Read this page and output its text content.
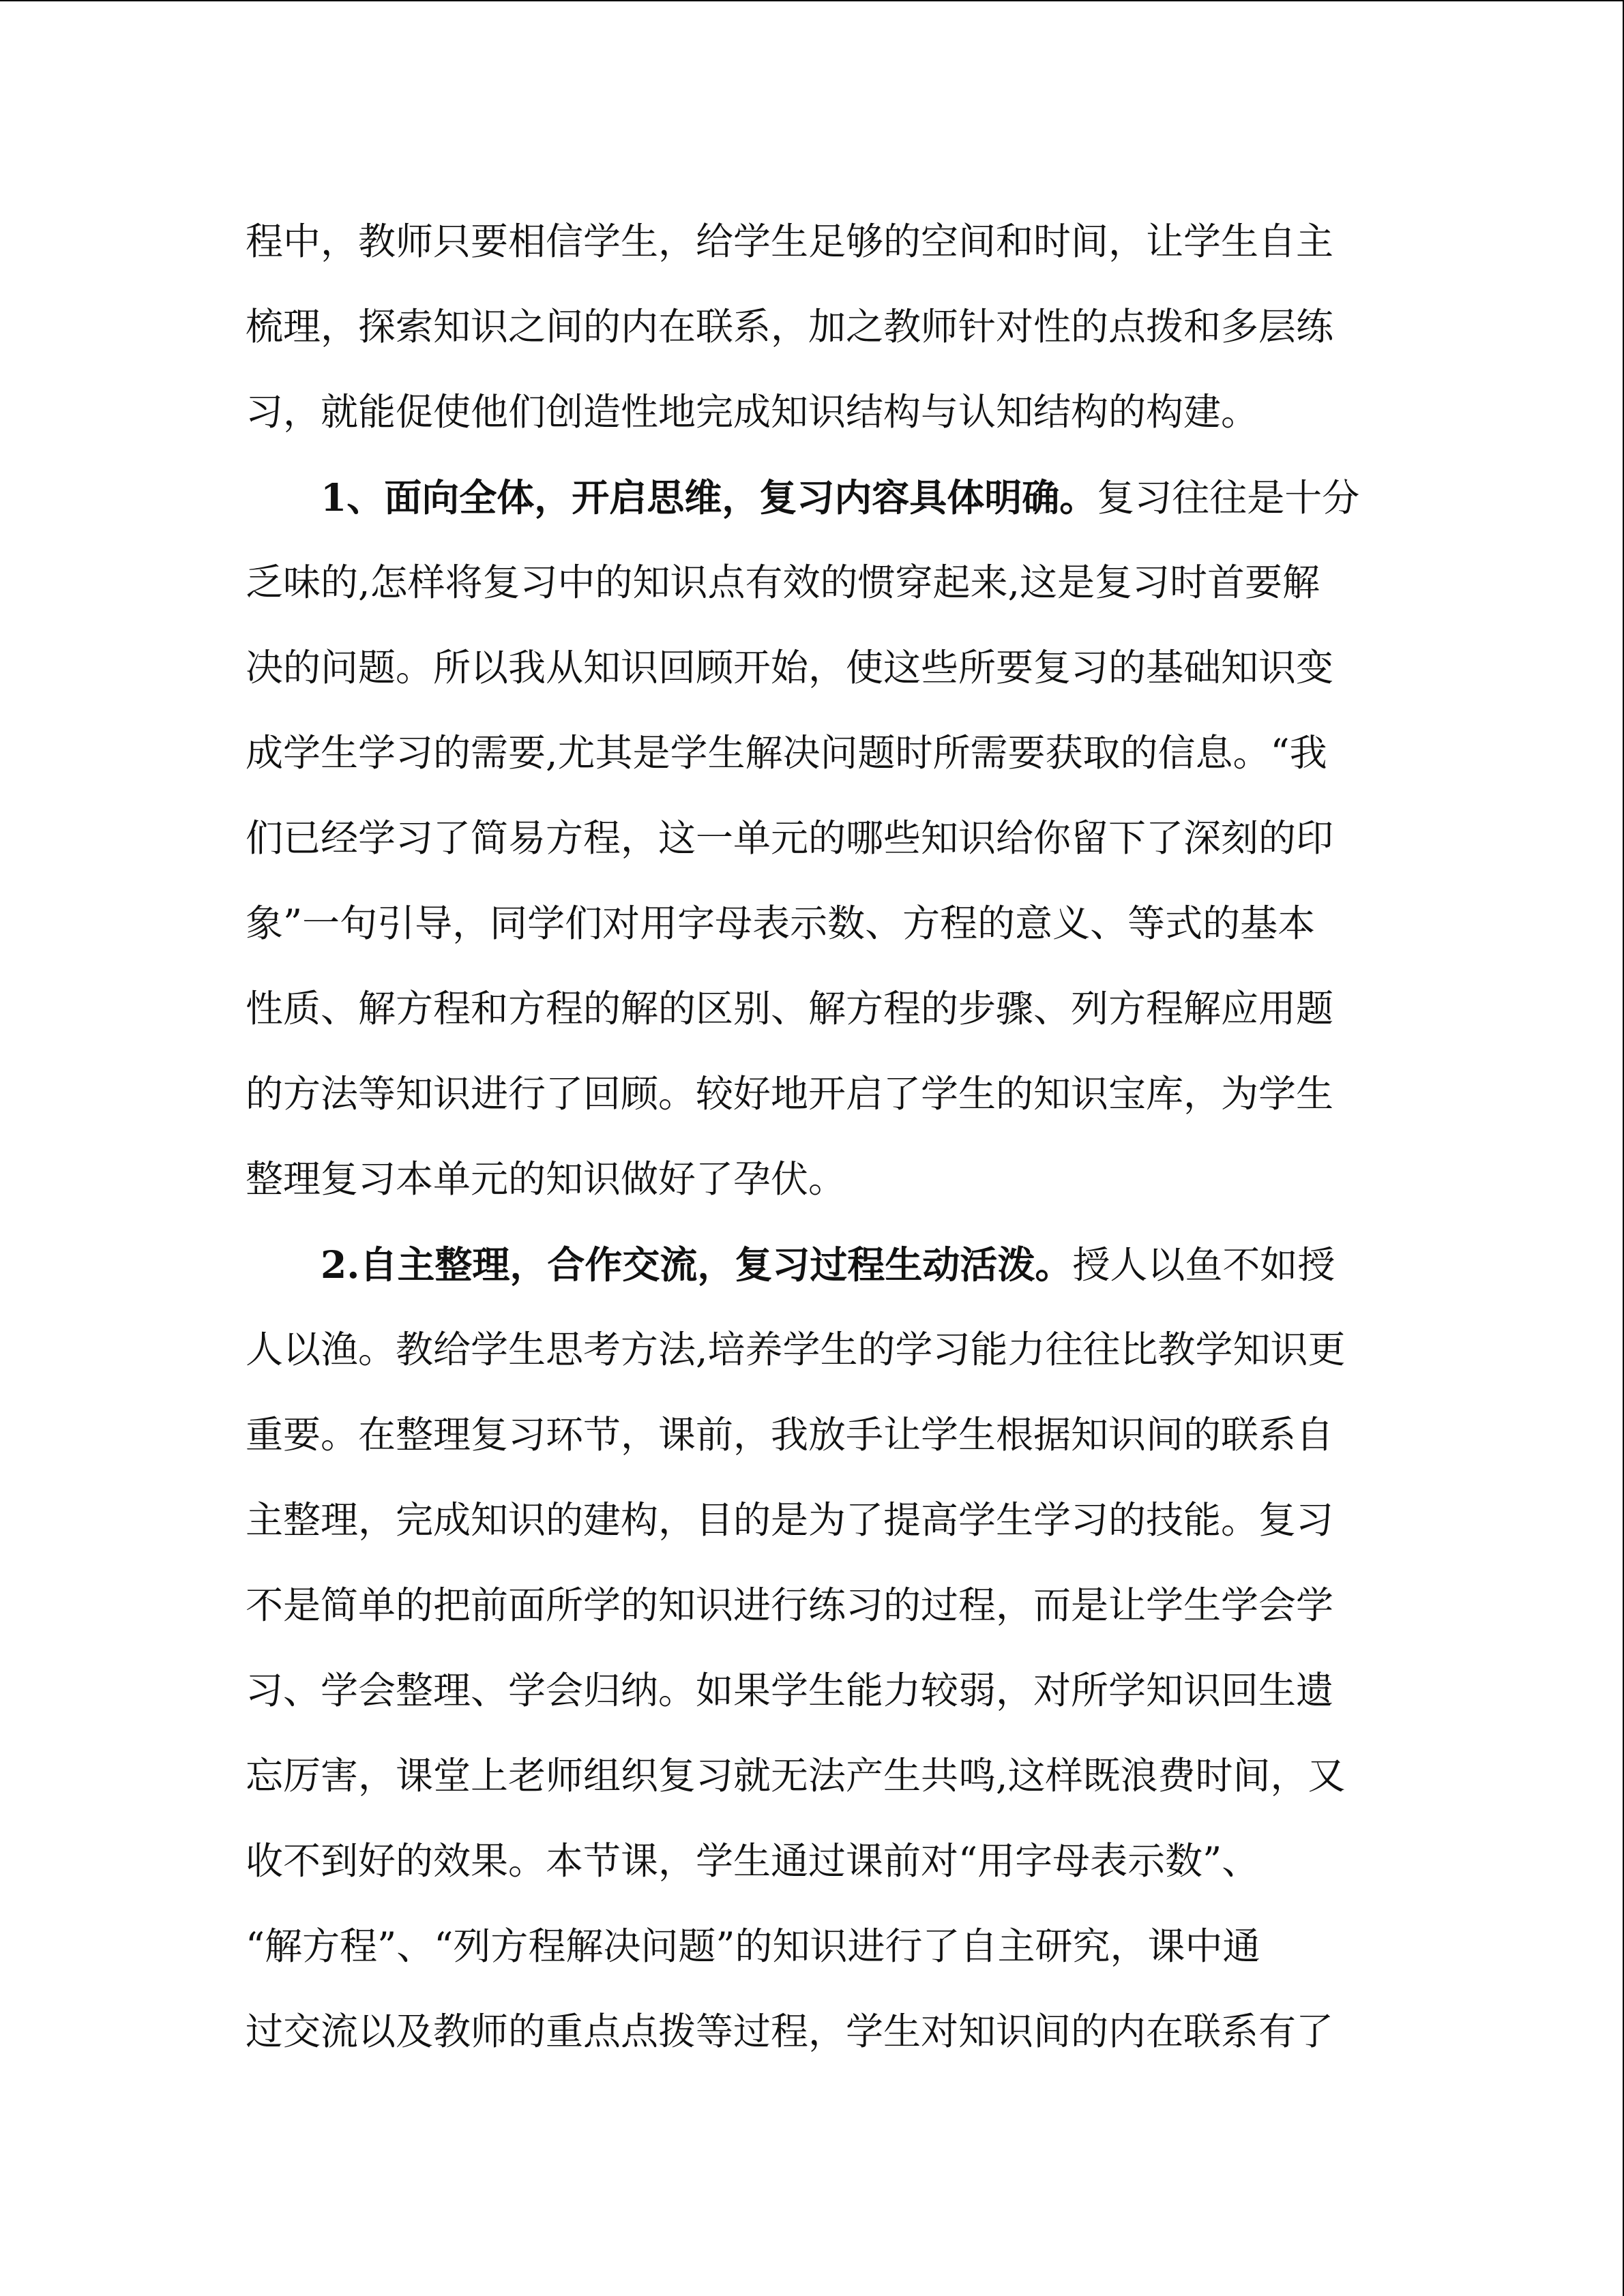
程中，教师只要相信学生，给学生足够的空间和时间，让学生自主
梳理，探索知识之间的内在联系，加之教师针对性的点拨和多层练
习，就能促使他们创造性地完成知识结构与认知结构的构建。
1、面向全体，开启思维，复习内容具体明确。复习往往是十分
乏味的,怎样将复习中的知识点有效的惯穿起来,这是复习时首要解
决的问题。所以我从知识回顾开始，使这些所要复习的基础知识变
成学生学习的需要,尤其是学生解决问题时所需要获取的信息。“我
们已经学习了简易方程，这一单元的哪些知识给你留下了深刻的印
象”一句引导，同学们对用字母表示数、方程的意义、等式的基本
性质、解方程和方程的解的区别、解方程的步骤、列方程解应用题
的方法等知识进行了回顾。较好地开启了学生的知识宝库，为学生
整理复习本单元的知识做好了孕伏。
2.自主整理，合作交流，复习过程生动活泼。授人以鱼不如授
人以渔。教给学生思考方法,培养学生的学习能力往往比教学知识更
重要。在整理复习环节，课前，我放手让学生根据知识间的联系自
主整理，完成知识的建构，目的是为了提高学生学习的技能。复习
不是简单的把前面所学的知识进行练习的过程，而是让学生学会学
习、学会整理、学会归纳。如果学生能力较弱，对所学知识回生遗
忘厉害，课堂上老师组织复习就无法产生共鸣,这样既浪费时间，又
收不到好的效果。本节课，学生通过课前对“用字母表示数”、
“解方程”、“列方程解决问题”的知识进行了自主研究，课中通
过交流以及教师的重点点拨等过程，学生对知识间的内在联系有了
